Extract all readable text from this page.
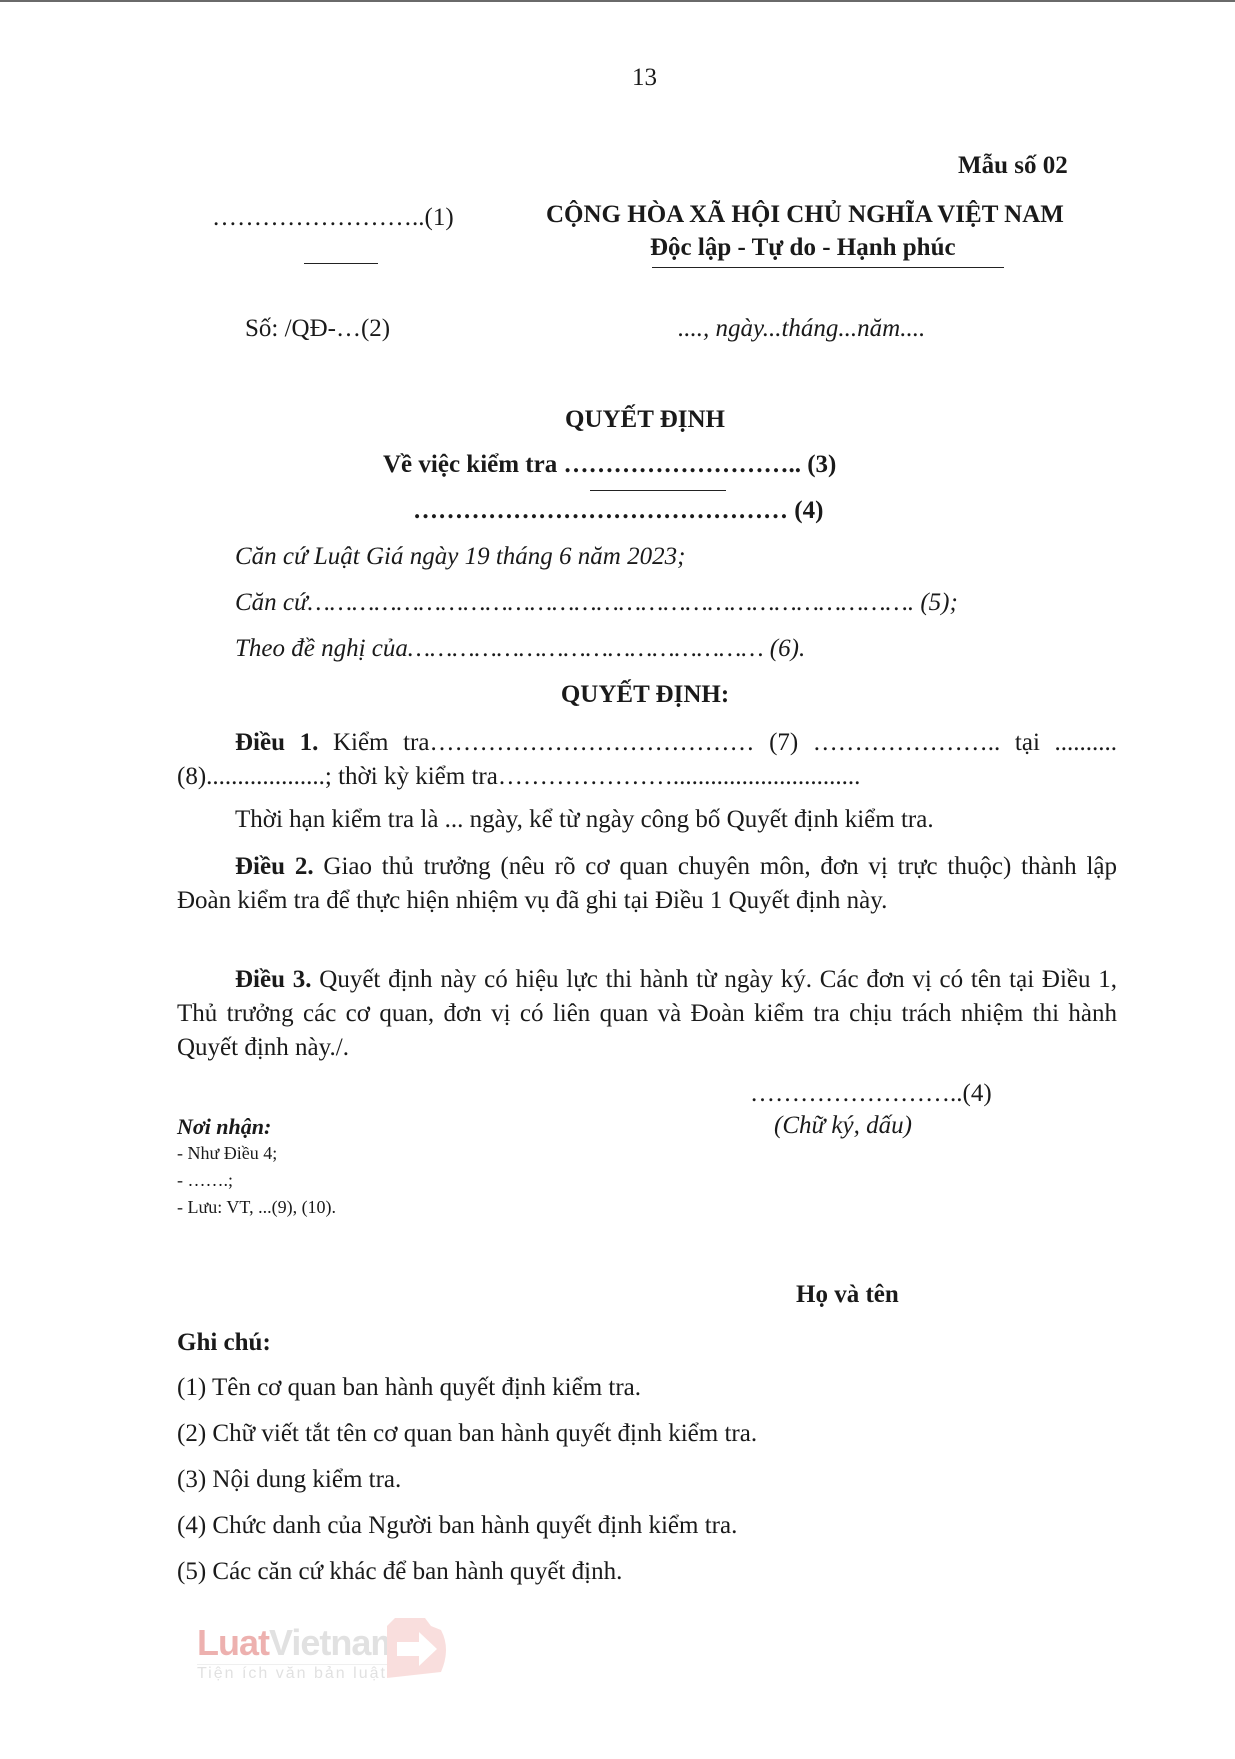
13
Mẫu số 02
……………………..(1)	CỘNG HÒA XÃ HỘI CHỦ NGHĨA VIỆT NAM
Độc lập - Tự do - Hạnh phúc
Số: /QĐ-…(2)	...., ngày...tháng...năm....
QUYẾT ĐỊNH
Về việc kiểm tra ……………………….. (3)
……………………………………… (4)
Căn cứ Luật Giá ngày 19 tháng 6 năm 2023;
Căn cứ………………………………………………………………………. (5);
Theo đề nghị của………………………………………… (6).
QUYẾT ĐỊNH:
Điều 1. Kiểm tra………………………………… (7) ………………….. tại ..........(8)...................; thời kỳ kiểm tra…………………..............................
Thời hạn kiểm tra là ... ngày, kể từ ngày công bố Quyết định kiểm tra.
Điều 2. Giao thủ trưởng (nêu rõ cơ quan chuyên môn, đơn vị trực thuộc) thành lập Đoàn kiểm tra để thực hiện nhiệm vụ đã ghi tại Điều 1 Quyết định này.
Điều 3. Quyết định này có hiệu lực thi hành từ ngày ký. Các đơn vị có tên tại Điều 1, Thủ trưởng các cơ quan, đơn vị có liên quan và Đoàn kiểm tra chịu trách nhiệm thi hành Quyết định này./.
……………………..(4)
(Chữ ký, dấu)
Họ và tên
Nơi nhận:
- Như Điều 4;
- …….;
- Lưu: VT, ...(9), (10).
Ghi chú:
(1) Tên cơ quan ban hành quyết định kiểm tra.
(2) Chữ viết tắt tên cơ quan ban hành quyết định kiểm tra.
(3) Nội dung kiểm tra.
(4) Chức danh của Người ban hành quyết định kiểm tra.
(5) Các căn cứ khác để ban hành quyết định.
LuatVietnam
Tiện ích văn bản luật
